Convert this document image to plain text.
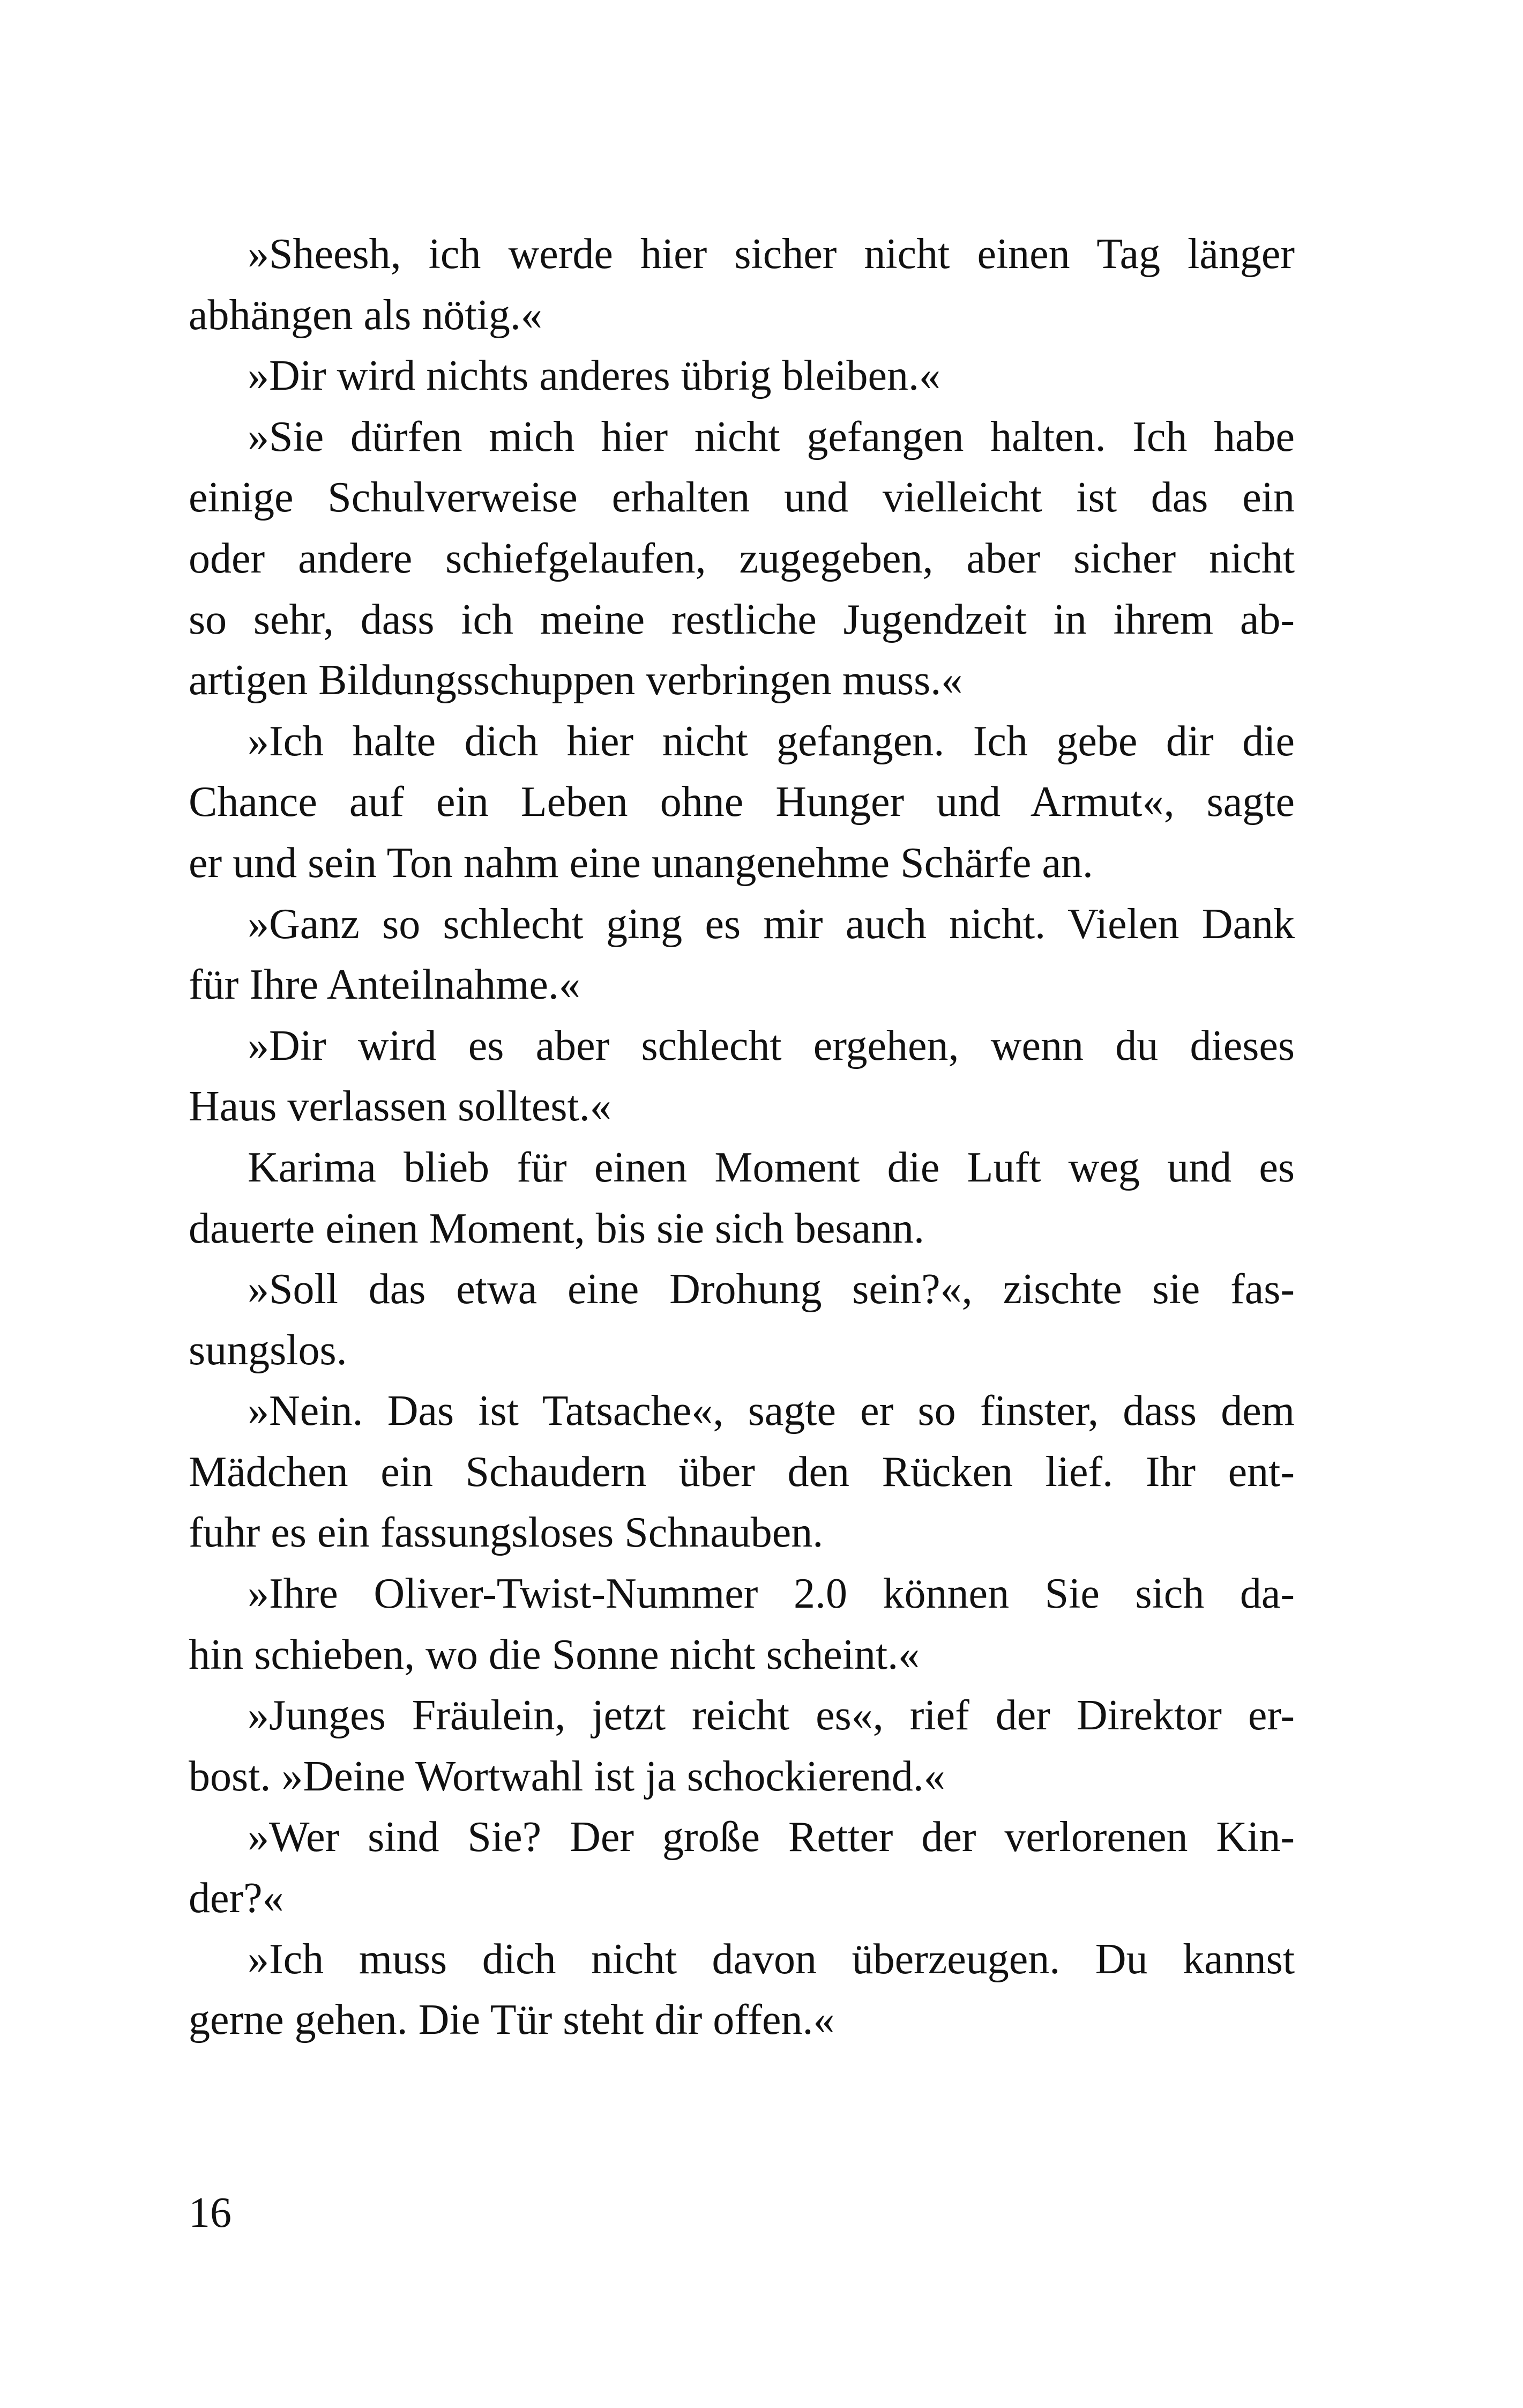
»Sheesh, ich werde hier sicher nicht einen Tag länger
abhängen als nötig.«
»Dir wird nichts anderes übrig bleiben.«
»Sie dürfen mich hier nicht gefangen halten. Ich habe
einige Schulverweise erhalten und vielleicht ist das ein
oder andere schiefgelaufen, zugegeben, aber sicher nicht
so sehr, dass ich meine restliche Jugendzeit in ihrem ab-
artigen Bildungsschuppen verbringen muss.«
»Ich halte dich hier nicht gefangen. Ich gebe dir die
Chance auf ein Leben ohne Hunger und Armut«, sagte
er und sein Ton nahm eine unangenehme Schärfe an.
»Ganz so schlecht ging es mir auch nicht. Vielen Dank
für Ihre Anteilnahme.«
»Dir wird es aber schlecht ergehen, wenn du dieses
Haus verlassen solltest.«
Karima blieb für einen Moment die Luft weg und es
dauerte einen Moment, bis sie sich besann.
»Soll das etwa eine Drohung sein?«, zischte sie fas-
sungslos.
»Nein. Das ist Tatsache«, sagte er so finster, dass dem
Mädchen ein Schaudern über den Rücken lief. Ihr ent-
fuhr es ein fassungsloses Schnauben.
»Ihre Oliver-Twist-Nummer 2.0 können Sie sich da-
hin schieben, wo die Sonne nicht scheint.«
»Junges Fräulein, jetzt reicht es«, rief der Direktor er-
bost. »Deine Wortwahl ist ja schockierend.«
»Wer sind Sie? Der große Retter der verlorenen Kin-
der?«
»Ich muss dich nicht davon überzeugen. Du kannst
gerne gehen. Die Tür steht dir offen.«
16
